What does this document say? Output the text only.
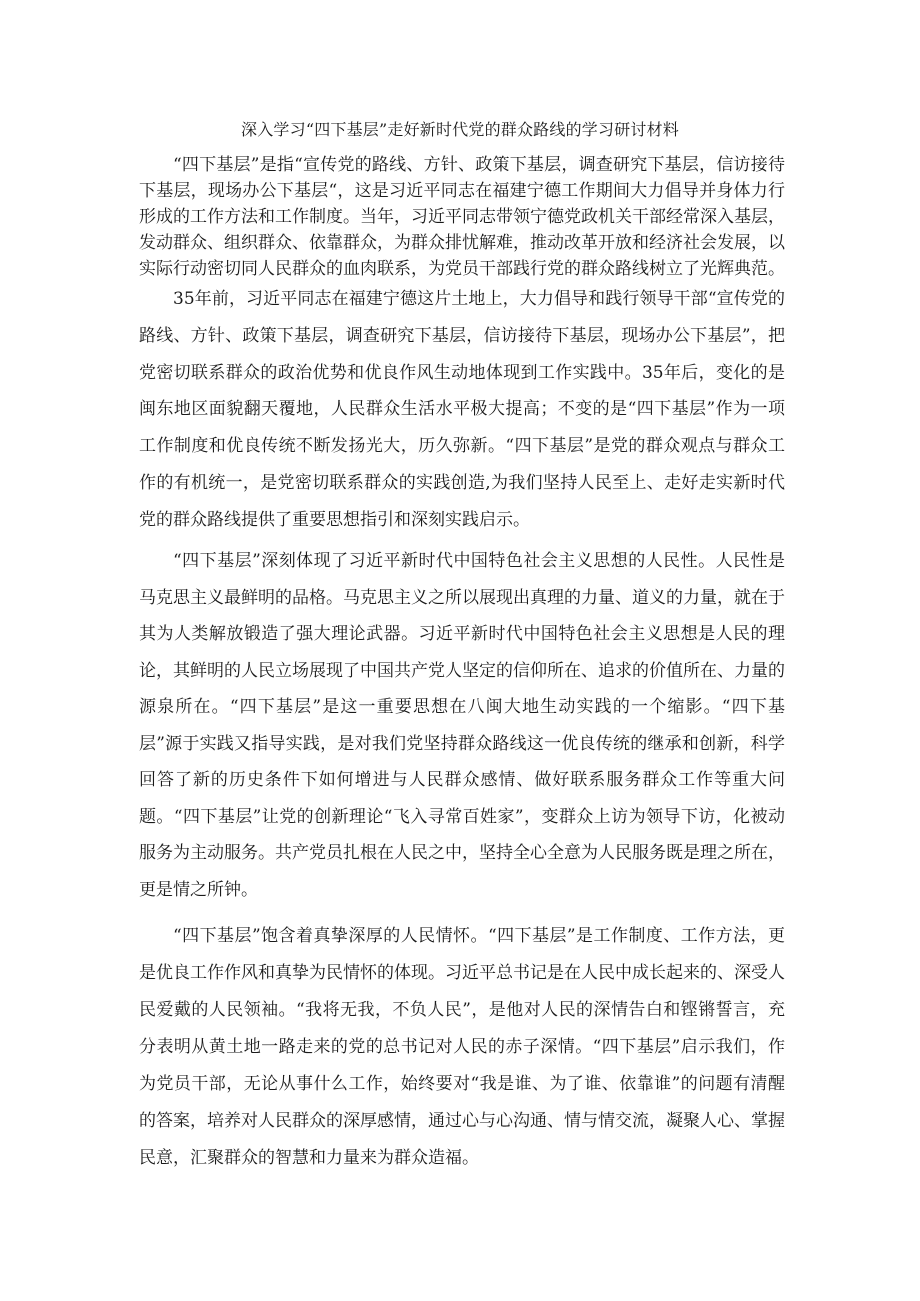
深入学习“四下基层”走好新时代党的群众路线的学习研讨材料

“四下基层”是指“宣传党的路线、方针、政策下基层，调查研究下基层，信访接待下基层，现场办公下基层“，这是习近平同志在福建宁德工作期间大力倡导并身体力行形成的工作方法和工作制度。当年，习近平同志带领宁德党政机关干部经常深入基层，发动群众、组织群众、依靠群众，为群众排忧解难，推动改革开放和经济社会发展，以实际行动密切同人民群众的血肉联系，为党员干部践行党的群众路线树立了光辉典范。

35年前，习近平同志在福建宁德这片土地上，大力倡导和践行领导干部“宣传党的路线、方针、政策下基层，调查研究下基层，信访接待下基层，现场办公下基层”，把党密切联系群众的政治优势和优良作风生动地体现到工作实践中。35年后，变化的是闽东地区面貌翻天覆地，人民群众生活水平极大提高；不变的是“四下基层”作为一项工作制度和优良传统不断发扬光大，历久弥新。“四下基层”是党的群众观点与群众工作的有机统一，是党密切联系群众的实践创造,为我们坚持人民至上、走好走实新时代党的群众路线提供了重要思想指引和深刻实践启示。

“四下基层”深刻体现了习近平新时代中国特色社会主义思想的人民性。人民性是马克思主义最鲜明的品格。马克思主义之所以展现出真理的力量、道义的力量，就在于其为人类解放锻造了强大理论武器。习近平新时代中国特色社会主义思想是人民的理论，其鲜明的人民立场展现了中国共产党人坚定的信仰所在、追求的价值所在、力量的源泉所在。“四下基层”是这一重要思想在八闽大地生动实践的一个缩影。“四下基层”源于实践又指导实践，是对我们党坚持群众路线这一优良传统的继承和创新，科学回答了新的历史条件下如何增进与人民群众感情、做好联系服务群众工作等重大问题。“四下基层”让党的创新理论“飞入寻常百姓家”，变群众上访为领导下访，化被动服务为主动服务。共产党员扎根在人民之中，坚持全心全意为人民服务既是理之所在，更是情之所钟。

“四下基层”饱含着真挚深厚的人民情怀。“四下基层”是工作制度、工作方法，更是优良工作作风和真挚为民情怀的体现。习近平总书记是在人民中成长起来的、深受人民爱戴的人民领袖。“我将无我，不负人民”，是他对人民的深情告白和铿锵誓言，充分表明从黄土地一路走来的党的总书记对人民的赤子深情。“四下基层”启示我们，作为党员干部，无论从事什么工作，始终要对“我是谁、为了谁、依靠谁”的问题有清醒的答案，培养对人民群众的深厚感情，通过心与心沟通、情与情交流，凝聚人心、掌握民意，汇聚群众的智慧和力量来为群众造福。
